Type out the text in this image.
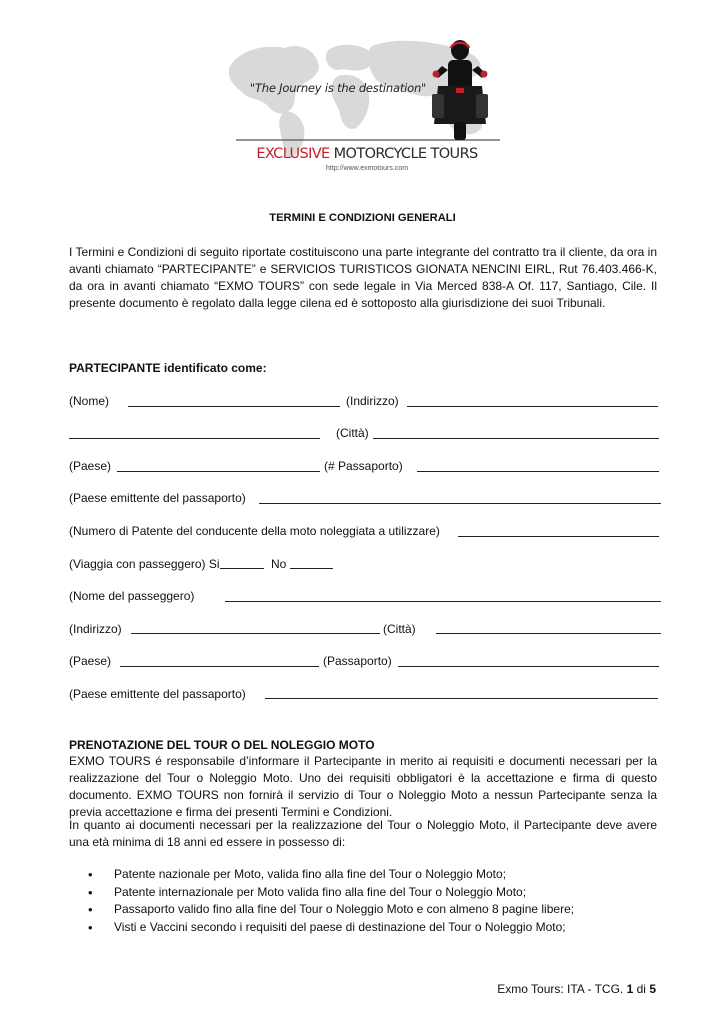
"The Journey is the destination"
EXCLUSIVE MOTORCYCLE TOURS
http://www.exmotours.com
TERMINI E CONDIZIONI GENERALI

I Termini e Condizioni di seguito riportate costituiscono una parte integrante del contratto tra il cliente, da ora in avanti chiamato “PARTECIPANTE” e SERVICIOS TURISTICOS GIONATA NENCINI EIRL, Rut 76.403.466-K, da ora in avanti chiamato “EXMO TOURS” con sede legale in Via Merced 838-A Of. 117, Santiago, Cile. Il presente documento è regolato dalla legge cilena ed è sottoposto alla giurisdizione dei suoi Tribunali.

PARTECIPANTE identificato come:
(Nome)	(Indirizzo)
(Città)
(Paese)	(# Passaporto)
(Paese emittente del passaporto)
(Numero di Patente del conducente della moto noleggiata a utilizzare)
(Viaggia con passeggero) Si	No
(Nome del passeggero)
(Indirizzo)	(Città)
(Paese)	(Passaporto)
(Paese emittente del passaporto)
PRENOTAZIONE DEL TOUR O DEL NOLEGGIO MOTO

EXMO TOURS é responsabile d’informare il Partecipante in merito ai requisiti e documenti necessari per la realizzazione del Tour o Noleggio Moto. Uno dei requisiti obbligatori è la accettazione e firma di questo documento. EXMO TOURS non fornirà il servizio di Tour o Noleggio Moto a nessun Partecipante senza la previa accettazione e firma dei presenti Termini e Condizioni.

In quanto ai documenti necessari per la realizzazione del Tour o Noleggio Moto, il Partecipante deve avere una età minima di 18 anni ed essere in possesso di:

• Patente nazionale per Moto, valida fino alla fine del Tour o Noleggio Moto;
• Patente internazionale per Moto valida fino alla fine del Tour o Noleggio Moto;
• Passaporto valido fino alla fine del Tour o Noleggio Moto e con almeno 8 pagine libere;
• Visti e Vaccini secondo i requisiti del paese di destinazione del Tour o Noleggio Moto;
Exmo Tours: ITA - TCG. 1 di 5
